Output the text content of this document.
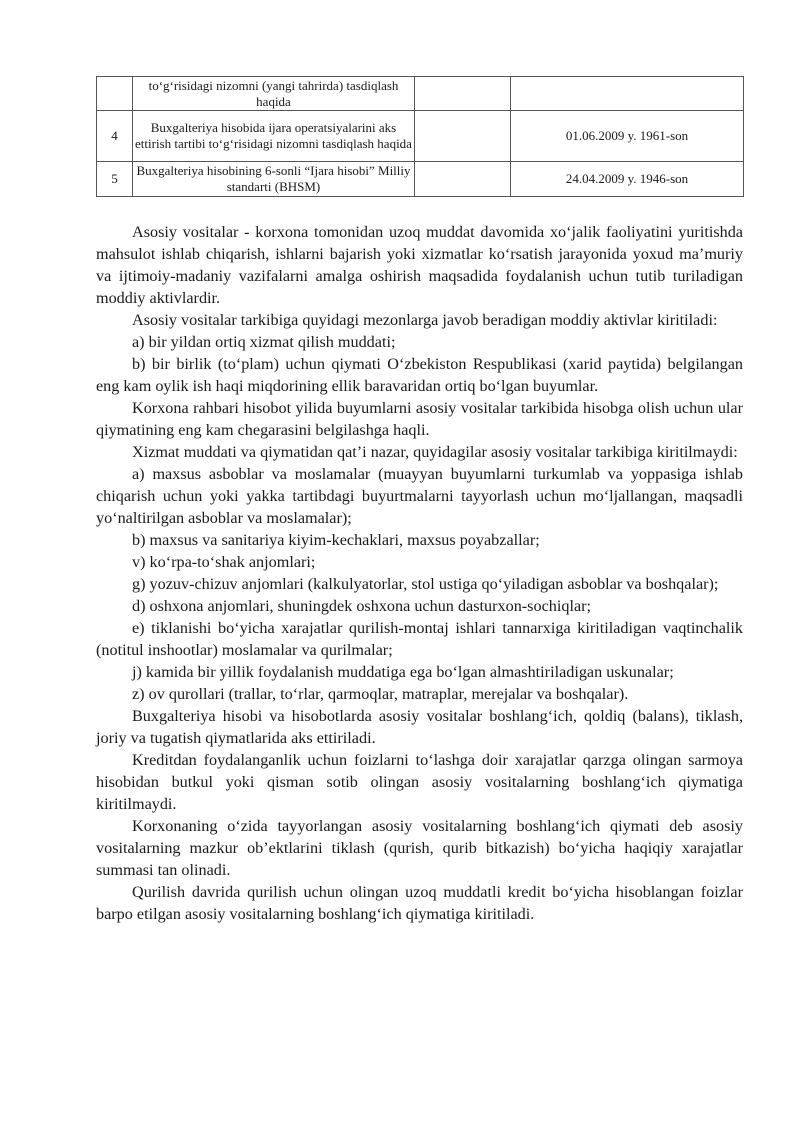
	to‘g‘risidagi nizomni (yangi tahrirda) tasdiqlash haqida		
4	Buxgalteriya hisobida ijara operatsiyalarini aks ettirish tartibi to‘g‘risidagi nizomni tasdiqlash haqida		01.06.2009 y. 1961-son
5	Buxgalteriya hisobining 6-sonli “Ijara hisobi” Milliy standarti (BHSM)		24.04.2009 y. 1946-son

Asosiy vositalar - korxona tomonidan uzoq muddat davomida xo‘jalik faoliyatini yuritishda mahsulot ishlab chiqarish, ishlarni bajarish yoki xizmatlar ko‘rsatish jarayonida yoxud ma’muriy va ijtimoiy-madaniy vazifalarni amalga oshirish maqsadida foydalanish uchun tutib turiladigan moddiy aktivlardir.

Asosiy vositalar tarkibiga quyidagi mezonlarga javob beradigan moddiy aktivlar kiritiladi:

a) bir yildan ortiq xizmat qilish muddati;

b) bir birlik (to‘plam) uchun qiymati O‘zbekiston Respublikasi (xarid paytida) belgilangan eng kam oylik ish haqi miqdorining ellik baravaridan ortiq bo‘lgan buyumlar.

Korxona rahbari hisobot yilida buyumlarni asosiy vositalar tarkibida hisobga olish uchun ular qiymatining eng kam chegarasini belgilashga haqli.

Xizmat muddati va qiymatidan qat’i nazar, quyidagilar asosiy vositalar tarkibiga kiritilmaydi:

a) maxsus asboblar va moslamalar (muayyan buyumlarni turkumlab va yoppasiga ishlab chiqarish uchun yoki yakka tartibdagi buyurtmalarni tayyorlash uchun mo‘ljallangan, maqsadli yo‘naltirilgan asboblar va moslamalar);

b) maxsus va sanitariya kiyim-kechaklari, maxsus poyabzallar;

v) ko‘rpa-to‘shak anjomlari;

g) yozuv-chizuv anjomlari (kalkulyatorlar, stol ustiga qo‘yiladigan asboblar va boshqalar);

d) oshxona anjomlari, shuningdek oshxona uchun dasturxon-sochiqlar;

e) tiklanishi bo‘yicha xarajatlar qurilish-montaj ishlari tannarxiga kiritiladigan vaqtinchalik (notitul inshootlar) moslamalar va qurilmalar;

j) kamida bir yillik foydalanish muddatiga ega bo‘lgan almashtiriladigan uskunalar;

z) ov qurollari (trallar, to‘rlar, qarmoqlar, matraplar, merejalar va boshqalar).

Buxgalteriya hisobi va hisobotlarda asosiy vositalar boshlang‘ich, qoldiq (balans), tiklash, joriy va tugatish qiymatlarida aks ettiriladi.

Kreditdan foydalanganlik uchun foizlarni to‘lashga doir xarajatlar qarzga olingan sarmoya hisobidan butkul yoki qisman sotib olingan asosiy vositalarning boshlang‘ich qiymatiga kiritilmaydi.

Korxonaning o‘zida tayyorlangan asosiy vositalarning boshlang‘ich qiymati deb asosiy vositalarning mazkur ob’ektlarini tiklash (qurish, qurib bitkazish) bo‘yicha haqiqiy xarajatlar summasi tan olinadi.

Qurilish davrida qurilish uchun olingan uzoq muddatli kredit bo‘yicha hisoblangan foizlar barpo etilgan asosiy vositalarning boshlang‘ich qiymatiga kiritiladi.
